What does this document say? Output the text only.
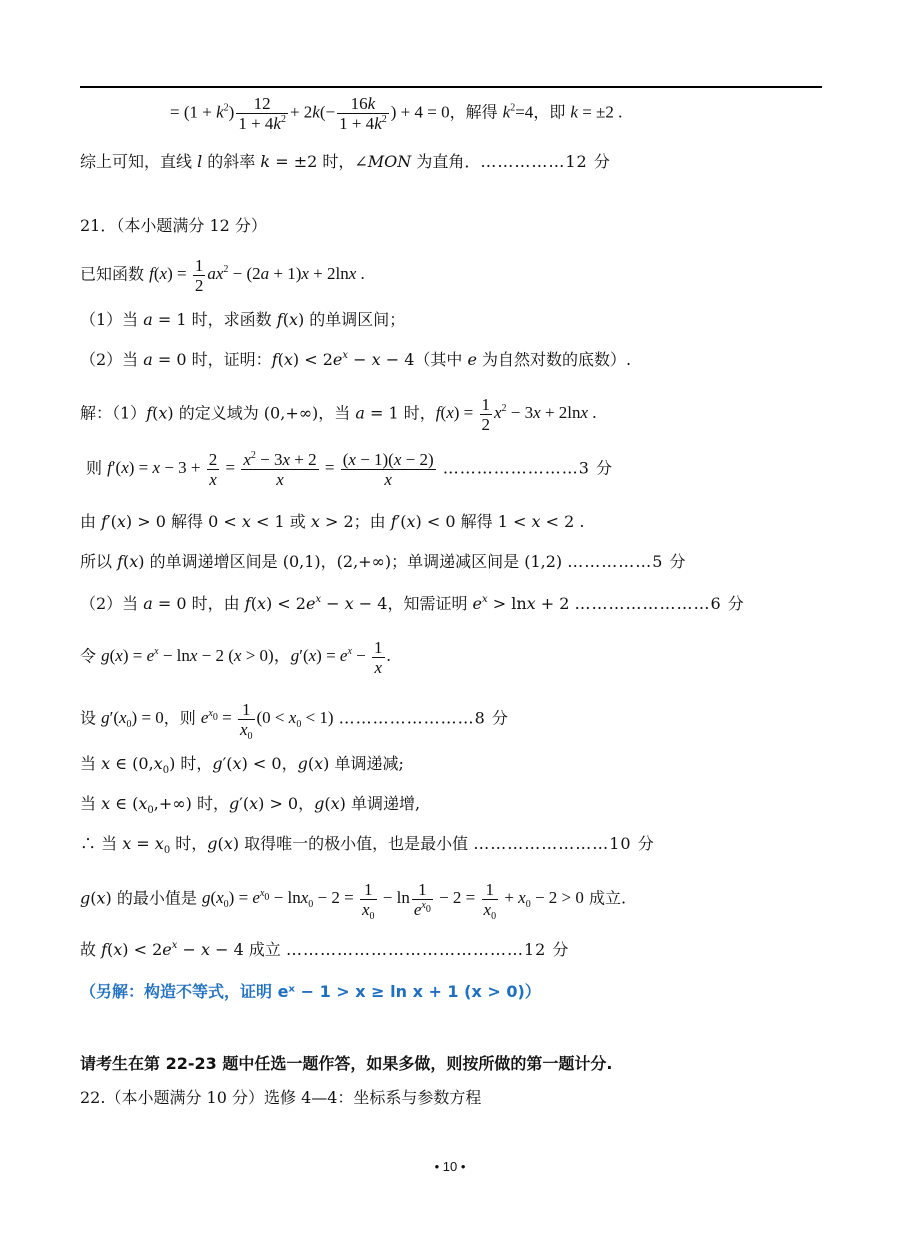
= $(1 + k^2) \frac{12}{1 + 4k^2} + 2k(- \frac{16k}{1 + 4k^2}$ ) + 4 = 0，解得 $k^2=4$，即 k = ±2 .
综上可知，直线 l 的斜率 k = ±2 时，∠MON 为直角．……………12 分
21．（本小题满分 12 分）
已知函数 $f(x) = \frac{1}{2} ax^2 - (2a + 1)x + 2\ln x$ .
（1）当 a = 1 时，求函数 f(x) 的单调区间；
（2）当 a = 0 时，证明：$f(x) < 2e^x - x - 4$（其中 e 为自然对数的底数）.
解：（1）f(x) 的定义域为 (0,+∞)，当 a = 1 时，$f(x) = \frac{1}{2} x^2 - 3x + 2\ln x$ .
则 $f'(x) = x - 3 + \frac{2}{x} = \frac{x^2 - 3x + 2}{x} = \frac{(x - 1)(x - 2)}{x}$ ……………………3 分
由 f′(x) > 0 解得 0 < x < 1 或 x > 2；由 f′(x) < 0 解得 1 < x < 2 .
所以 f(x) 的单调递增区间是 (0,1)，(2,+∞)；单调递减区间是 (1,2) ……………5 分
（2）当 a = 0 时，由 $f(x) < 2e^x - x - 4$，知需证明 $e^x > \ln x + 2$ ……………………6 分
令 $g(x) = e^x - \ln x - 2$ (x > 0)，$g'(x) = e^x - \frac{1}{x}$ .
设 $g'(x_0) = 0$，则 $e^{x_0} = \frac{1}{x_0} (0 < x_0 < 1)$ ……………………8 分
当 x ∈ $(0,x_0)$ 时，g′(x) < 0，g(x) 单调递减;
当 x ∈ $(x_0,+\infty)$ 时，g′(x) > 0，g(x) 单调递增,
∴ 当 $x = x_0$ 时，g(x) 取得唯一的极小值，也是最小值 ……………………10 分
g(x) 的最小值是 $g(x_0) = e^{x_0} - \ln x_0 - 2 = \frac{1}{x_0} - \ln \frac{1}{e^{x_0}} - 2 = \frac{1}{x_0} + x_0 - 2 > 0$ 成立.
故 $f(x) < 2e^x - x - 4$ 成立 ……………………………………12 分
（另解：构造不等式，证明 eˣ − 1 > x ≥ ln x + 1 (x > 0)）
请考生在第 22-23 题中任选一题作答，如果多做，则按所做的第一题计分.
22.（本小题满分 10 分）选修 4—4：坐标系与参数方程
• 10 •
